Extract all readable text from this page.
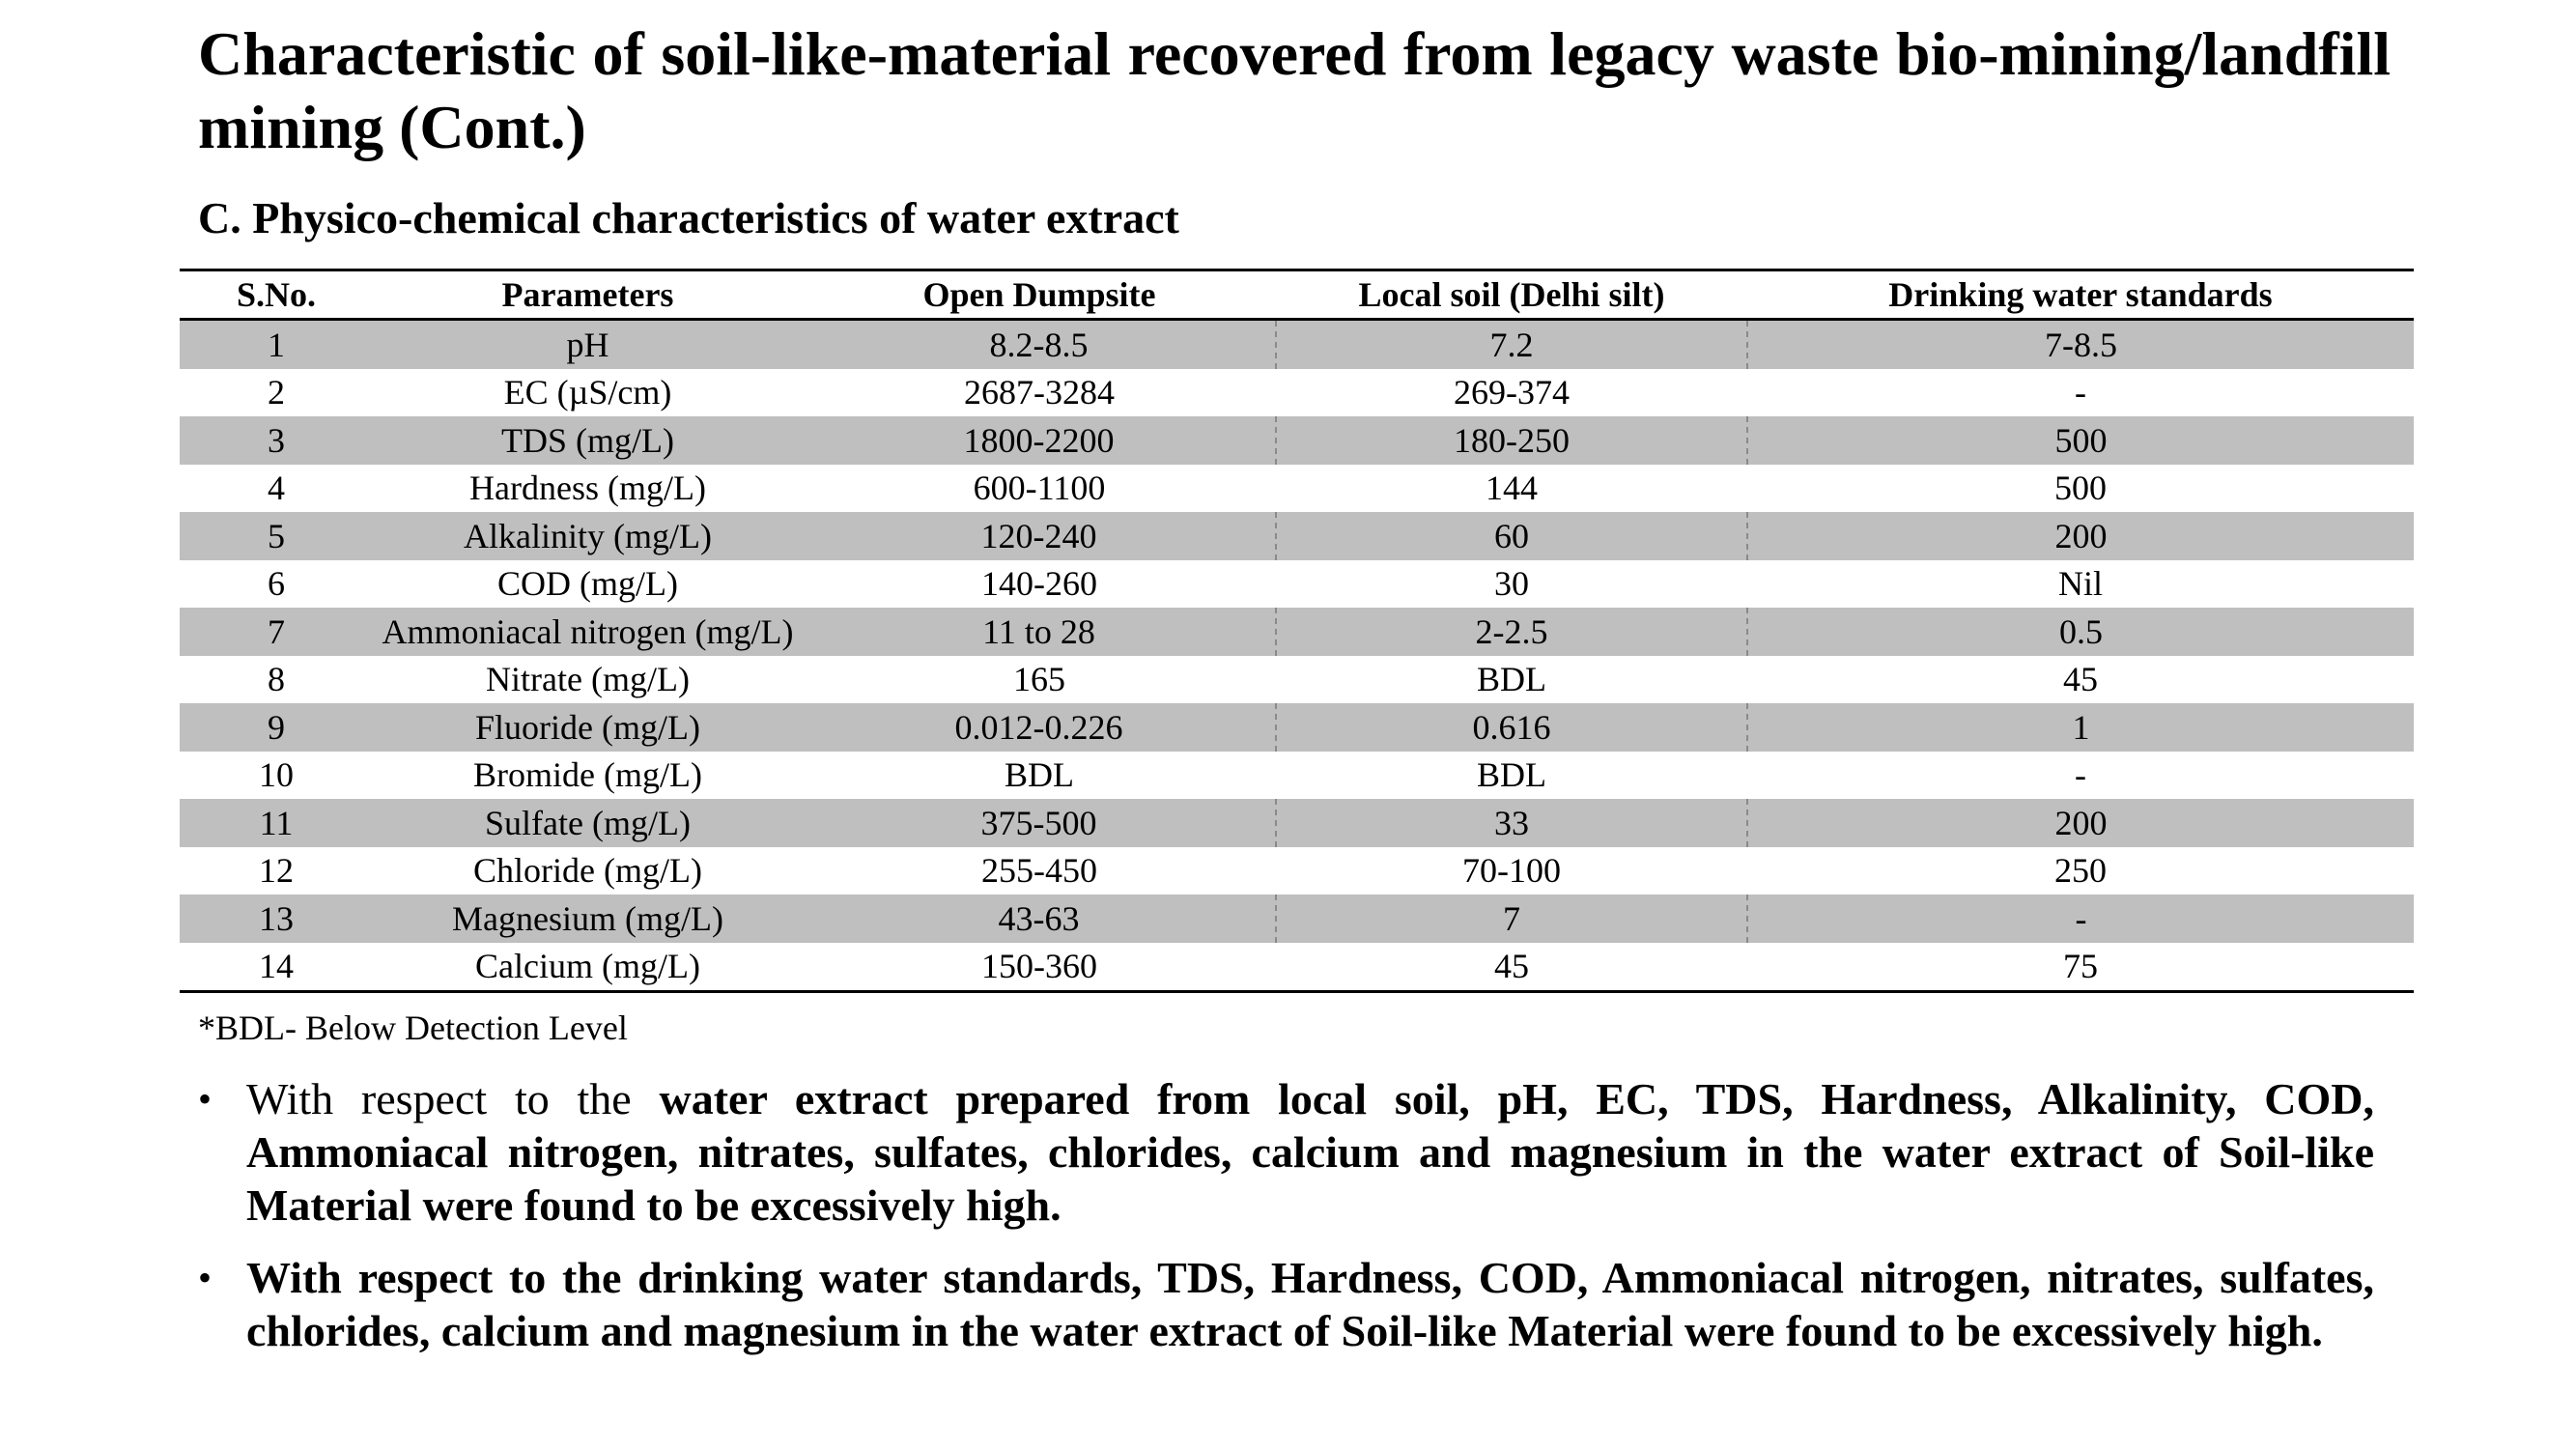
Characteristic of soil-like-material recovered from legacy waste bio-mining/landfill mining (Cont.)
C. Physico-chemical characteristics of water extract
S.No.	Parameters	Open Dumpsite	Local soil (Delhi silt)	Drinking water standards
1	pH	8.2-8.5	7.2	7-8.5
2	EC (µS/cm)	2687-3284	269-374	-
3	TDS (mg/L)	1800-2200	180-250	500
4	Hardness (mg/L)	600-1100	144	500
5	Alkalinity (mg/L)	120-240	60	200
6	COD (mg/L)	140-260	30	Nil
7	Ammoniacal nitrogen (mg/L)	11 to 28	2-2.5	0.5
8	Nitrate (mg/L)	165	BDL	45
9	Fluoride (mg/L)	0.012-0.226	0.616	1
10	Bromide (mg/L)	BDL	BDL	-
11	Sulfate (mg/L)	375-500	33	200
12	Chloride (mg/L)	255-450	70-100	250
13	Magnesium (mg/L)	43-63	7	-
14	Calcium (mg/L)	150-360	45	75

*BDL- Below Detection Level

• With respect to the water extract prepared from local soil, pH, EC, TDS, Hardness, Alkalinity, COD, Ammoniacal nitrogen, nitrates, sulfates, chlorides, calcium and magnesium in the water extract of Soil-like Material were found to be excessively high.
• With respect to the drinking water standards, TDS, Hardness, COD, Ammoniacal nitrogen, nitrates, sulfates, chlorides, calcium and magnesium in the water extract of Soil-like Material were found to be excessively high.
